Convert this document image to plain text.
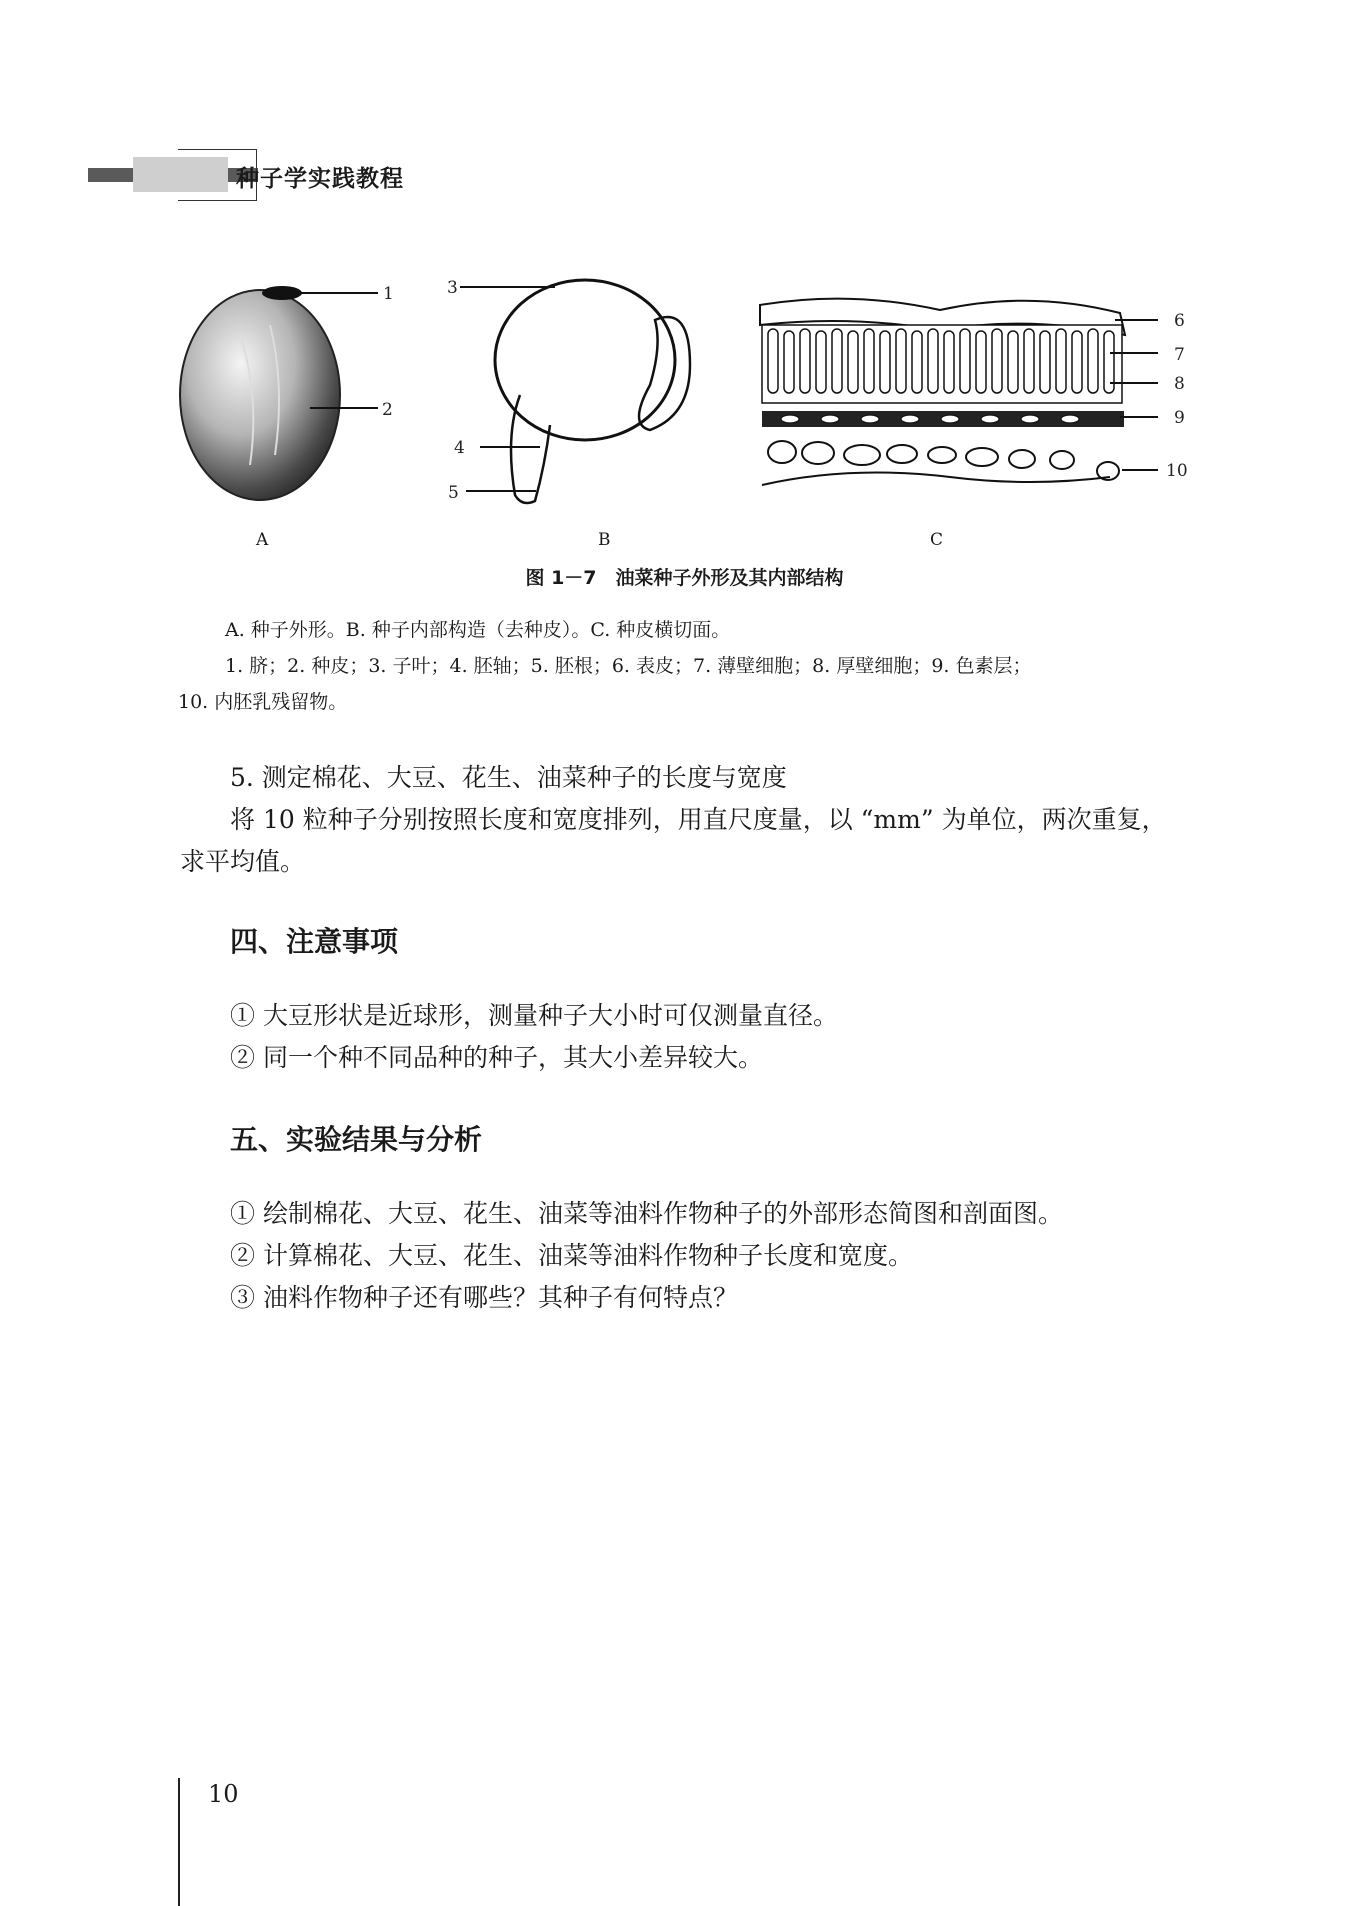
种子学实践教程
1
2
3
4
5
6
7
8
9
10
A	B	C
图 1－7　油菜种子外形及其内部结构
A. 种子外形。B. 种子内部构造（去种皮）。C. 种皮横切面。
1. 脐；2. 种皮；3. 子叶；4. 胚轴；5. 胚根；6. 表皮；7. 薄壁细胞；8. 厚壁细胞；9. 色素层；
10. 内胚乳残留物。
5. 测定棉花、大豆、花生、油菜种子的长度与宽度
将 10 粒种子分别按照长度和宽度排列，用直尺度量，以 “mm” 为单位，两次重复，
求平均值。
四、注意事项
① 大豆形状是近球形，测量种子大小时可仅测量直径。
② 同一个种不同品种的种子，其大小差异较大。
五、实验结果与分析
① 绘制棉花、大豆、花生、油菜等油料作物种子的外部形态简图和剖面图。
② 计算棉花、大豆、花生、油菜等油料作物种子长度和宽度。
③ 油料作物种子还有哪些？其种子有何特点？
10
